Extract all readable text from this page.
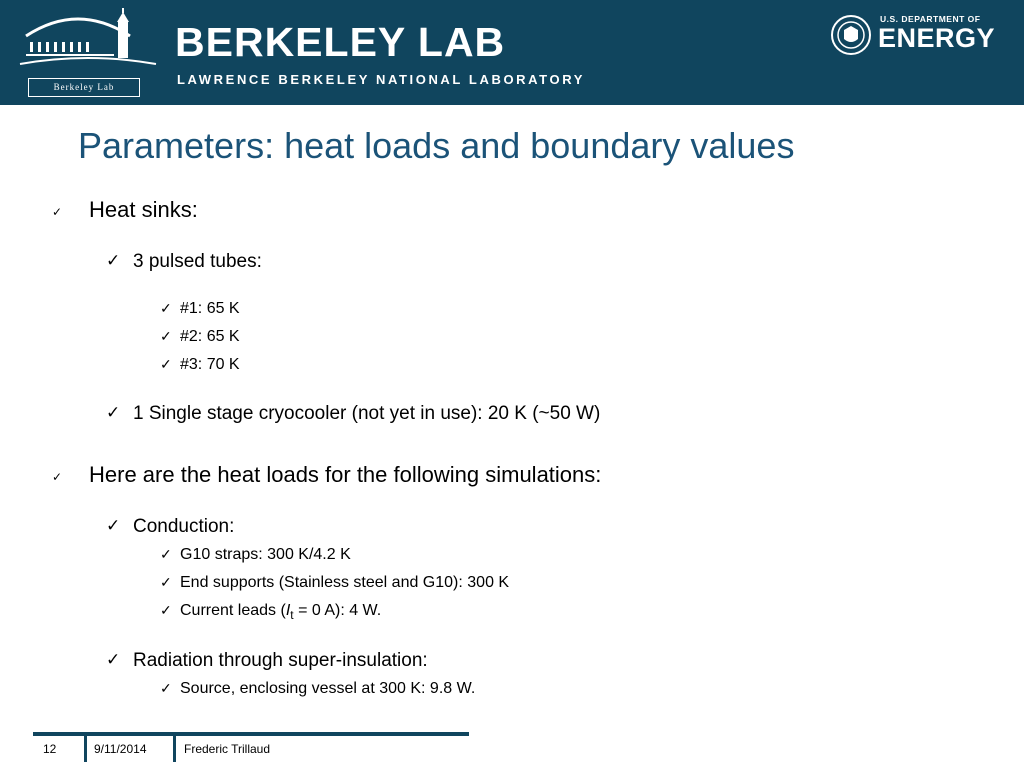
Berkeley Lab
BERKELEY LAB
LAWRENCE BERKELEY NATIONAL LABORATORY
U.S. DEPARTMENT OF
ENERGY
Parameters: heat loads and boundary values
✓ Heat sinks:
✓ 3 pulsed tubes:
✓ #1: 65 K
✓ #2: 65 K
✓ #3: 70 K
✓ 1 Single stage cryocooler (not yet in use): 20 K (~50 W)
✓ Here are the heat loads for the following simulations:
✓ Conduction:
✓ G10 straps: 300 K/4.2 K
✓ End supports (Stainless steel and G10): 300 K
✓ Current leads ($I_t = 0$ A): 4 W.
✓ Radiation through super-insulation:
✓ Source, enclosing vessel at 300 K: 9.8 W.
12	9/11/2014	Frederic Trillaud
